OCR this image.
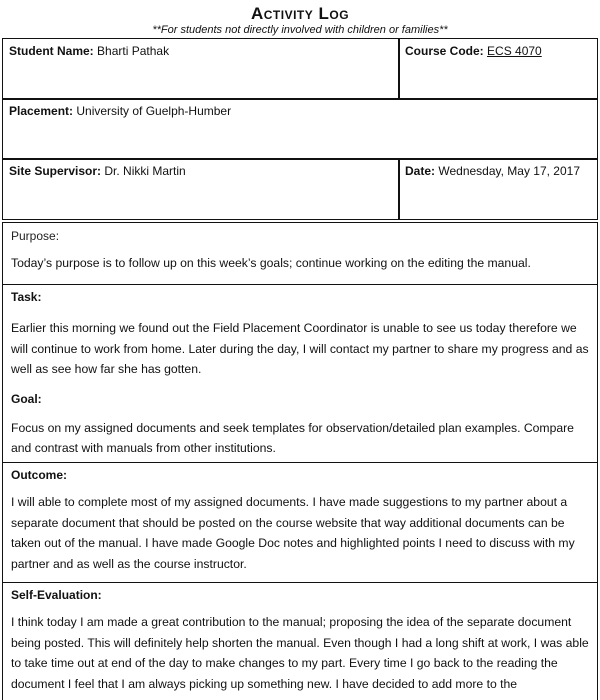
Activity Log
**For students not directly involved with children or families**
Student Name: Bharti Pathak	Course Code: ECS 4070
Placement: University of Guelph-Humber
Site Supervisor: Dr. Nikki Martin	Date: Wednesday, May 17, 2017
Purpose:
Today’s purpose is to follow up on this week’s goals; continue working on the editing the manual.
Task:
Earlier this morning we found out the Field Placement Coordinator is unable to see us today therefore we will continue to work from home. Later during the day, I will contact my partner to share my progress and as well as see how far she has gotten.
Goal:
Focus on my assigned documents and seek templates for observation/detailed plan examples. Compare and contrast with manuals from other institutions.
Outcome:
I will able to complete most of my assigned documents. I have made suggestions to my partner about a separate document that should be posted on the course website that way additional documents can be taken out of the manual. I have made Google Doc notes and highlighted points I need to discuss with my partner and as well as the course instructor.
Self-Evaluation:
I think today I am made a great contribution to the manual; proposing the idea of the separate document being posted. This will definitely help shorten the manual. Even though I had a long shift at work, I was able to take time out at end of the day to make changes to my part. Every time I go back to the reading the document I feel that I am always picking up something new. I have decided to add more to the
